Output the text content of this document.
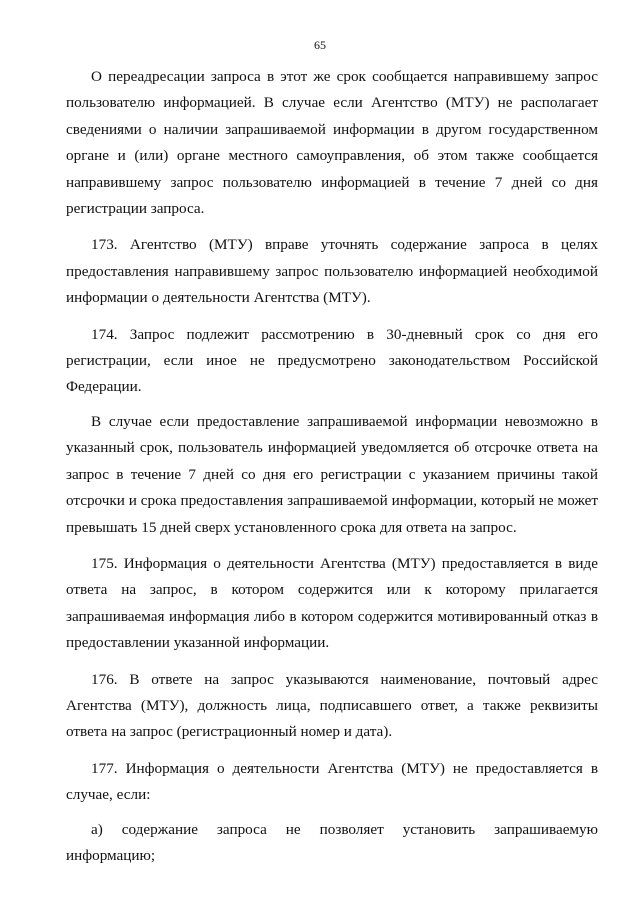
65

О переадресации запроса в этот же срок сообщается направившему запрос пользователю информацией. В случае если Агентство (МТУ) не располагает сведениями о наличии запрашиваемой информации в другом государственном органе и (или) органе местного самоуправления, об этом также сообщается направившему запрос пользователю информацией в течение 7 дней со дня регистрации запроса.

173. Агентство (МТУ) вправе уточнять содержание запроса в целях предоставления направившему запрос пользователю информацией необходимой информации о деятельности Агентства (МТУ).

174. Запрос подлежит рассмотрению в 30-дневный срок со дня его регистрации, если иное не предусмотрено законодательством Российской Федерации.

В случае если предоставление запрашиваемой информации невозможно в указанный срок, пользователь информацией уведомляется об отсрочке ответа на запрос в течение 7 дней со дня его регистрации с указанием причины такой отсрочки и срока предоставления запрашиваемой информации, который не может превышать 15 дней сверх установленного срока для ответа на запрос.

175. Информация о деятельности Агентства (МТУ) предоставляется в виде ответа на запрос, в котором содержится или к которому прилагается запрашиваемая информация либо в котором содержится мотивированный отказ в предоставлении указанной информации.

176. В ответе на запрос указываются наименование, почтовый адрес Агентства (МТУ), должность лица, подписавшего ответ, а также реквизиты ответа на запрос (регистрационный номер и дата).

177. Информация о деятельности Агентства (МТУ) не предоставляется в случае, если:

а) содержание запроса не позволяет установить запрашиваемую информацию;
